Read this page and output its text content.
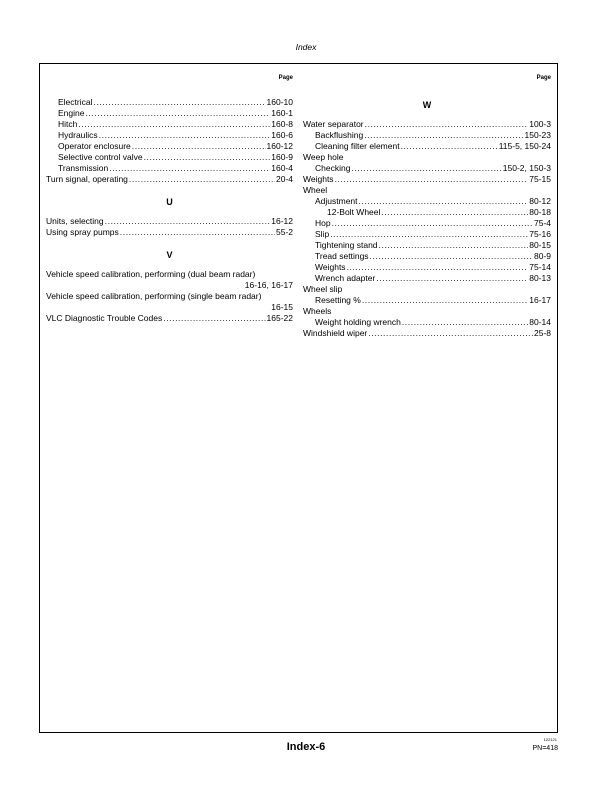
Index
Page
Electrical .....	160-10
Engine .....	160-1
Hitch .....	160-8
Hydraulics .....	160-6
Operator enclosure .....	160-12
Selective control valve .....	160-9
Transmission .....	160-4
Turn signal, operating .....	20-4
U
Units, selecting .....	16-12
Using spray pumps .....	55-2
V
Vehicle speed calibration, performing (dual beam radar)
16-16, 16-17
Vehicle speed calibration, performing (single beam radar)
16-15
VLC Diagnostic Trouble Codes .....	165-22
Page
W
Water separator .....	100-3
Backflushing .....	150-23
Cleaning filter element .....	115-5, 150-24
Weep hole
Checking .....	150-2, 150-3
Weights .....	75-15
Wheel
Adjustment .....	80-12
12-Bolt Wheel .....	80-18
Hop .....	75-4
Slip .....	75-16
Tightening stand .....	80-15
Tread settings .....	80-9
Weights .....	75-14
Wrench adapter .....	80-13
Wheel slip
Resetting % .....	16-17
Wheels
Weight holding wrench .....	80-14
Windshield wiper .....	25-8
Index-6
122121
PN=418
